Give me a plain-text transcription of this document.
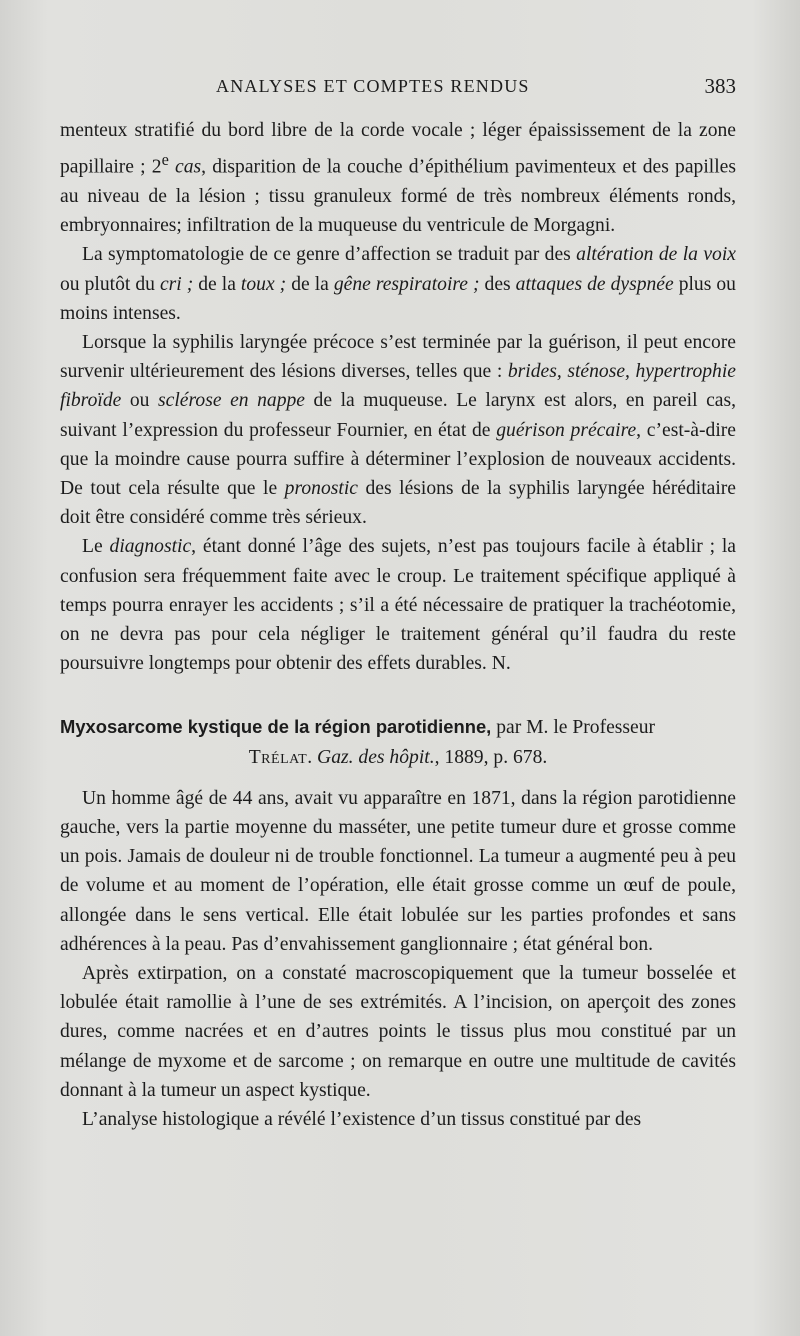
ANALYSES ET COMPTES RENDUS	383

menteux stratifié du bord libre de la corde vocale ; léger épaississement de la zone papillaire ; 2e cas, disparition de la couche d’épithélium pavimenteux et des papilles au niveau de la lésion ; tissu granuleux formé de très nombreux éléments ronds, embryonnaires; infiltration de la muqueuse du ventricule de Morgagni.

La symptomatologie de ce genre d’affection se traduit par des altération de la voix ou plutôt du cri ; de la toux ; de la gêne respiratoire ; des attaques de dyspnée plus ou moins intenses.

Lorsque la syphilis laryngée précoce s’est terminée par la guérison, il peut encore survenir ultérieurement des lésions diverses, telles que : brides, sténose, hypertrophie fibroïde ou sclérose en nappe de la muqueuse. Le larynx est alors, en pareil cas, suivant l’expression du professeur Fournier, en état de guérison précaire, c’est-à-dire que la moindre cause pourra suffire à déterminer l’explosion de nouveaux accidents. De tout cela résulte que le pronostic des lésions de la syphilis laryngée héréditaire doit être considéré comme très sérieux.

Le diagnostic, étant donné l’âge des sujets, n’est pas toujours facile à établir ; la confusion sera fréquemment faite avec le croup. Le traitement spécifique appliqué à temps pourra enrayer les accidents ; s’il a été nécessaire de pratiquer la trachéotomie, on ne devra pas pour cela négliger le traitement général qu’il faudra du reste poursuivre longtemps pour obtenir des effets durables. N.

Myxosarcome kystique de la région parotidienne, par M. le Professeur
Trélat. Gaz. des hôpit., 1889, p. 678.

Un homme âgé de 44 ans, avait vu apparaître en 1871, dans la région parotidienne gauche, vers la partie moyenne du masséter, une petite tumeur dure et grosse comme un pois. Jamais de douleur ni de trouble fonctionnel. La tumeur a augmenté peu à peu de volume et au moment de l’opération, elle était grosse comme un œuf de poule, allongée dans le sens vertical. Elle était lobulée sur les parties profondes et sans adhérences à la peau. Pas d’envahissement ganglionnaire ; état général bon.

Après extirpation, on a constaté macroscopiquement que la tumeur bosselée et lobulée était ramollie à l’une de ses extrémités. A l’incision, on aperçoit des zones dures, comme nacrées et en d’autres points le tissus plus mou constitué par un mélange de myxome et de sarcome ; on remarque en outre une multitude de cavités donnant à la tumeur un aspect kystique.

L’analyse histologique a révélé l’existence d’un tissus constitué par des
